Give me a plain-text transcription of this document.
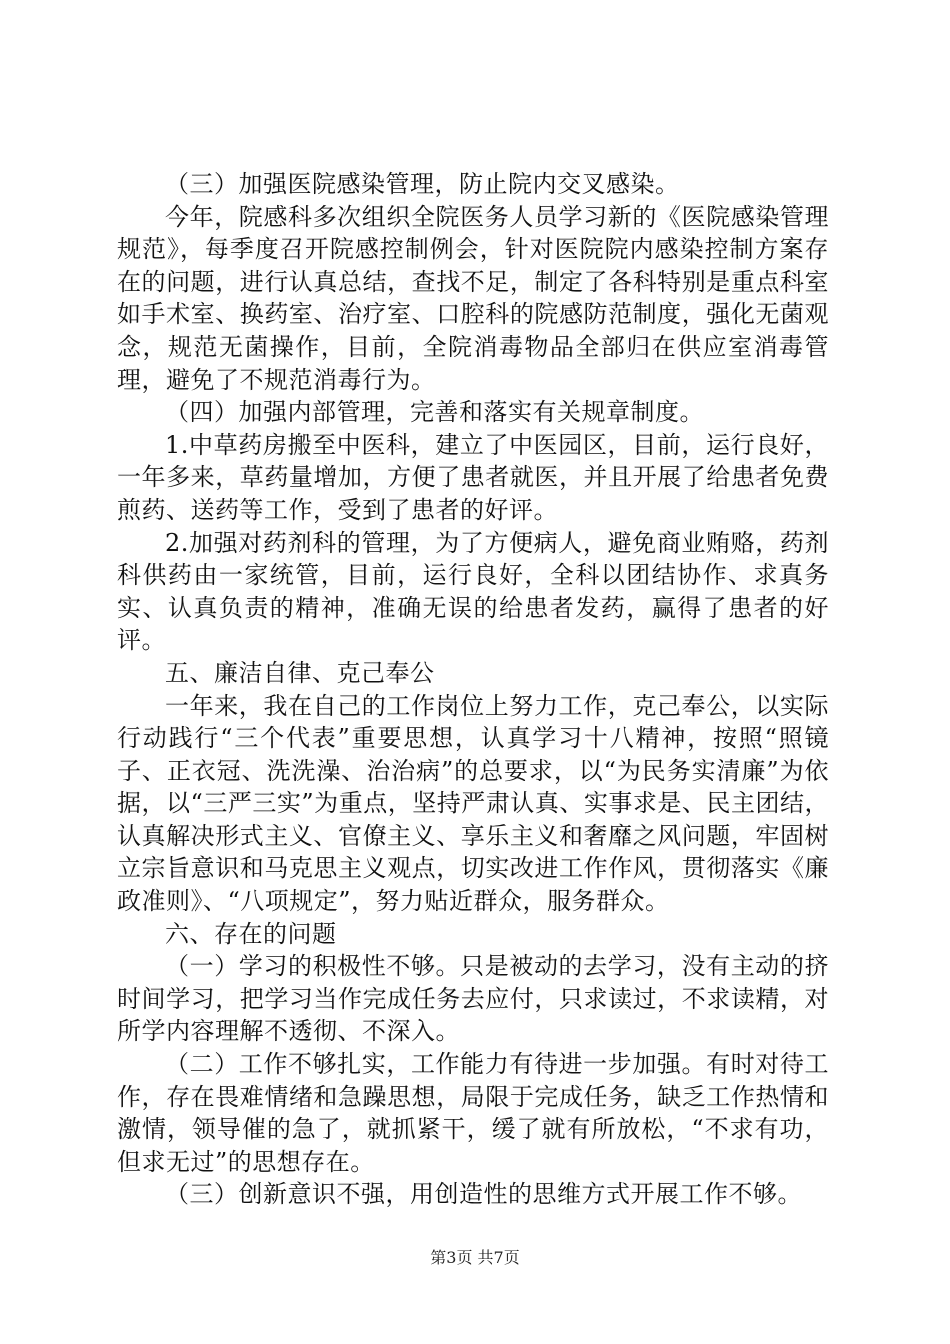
（三）加强医院感染管理，防止院内交叉感染。

今年，院感科多次组织全院医务人员学习新的《医院感染管理规范》，每季度召开院感控制例会，针对医院院内感染控制方案存在的问题，进行认真总结，查找不足，制定了各科特别是重点科室如手术室、换药室、治疗室、口腔科的院感防范制度，强化无菌观念，规范无菌操作，目前，全院消毒物品全部归在供应室消毒管理，避免了不规范消毒行为。

（四）加强内部管理，完善和落实有关规章制度。

1.中草药房搬至中医科，建立了中医园区，目前，运行良好，一年多来，草药量增加，方便了患者就医，并且开展了给患者免费煎药、送药等工作，受到了患者的好评。

2.加强对药剂科的管理，为了方便病人，避免商业贿赂，药剂科供药由一家统管，目前，运行良好，全科以团结协作、求真务实、认真负责的精神，准确无误的给患者发药，赢得了患者的好评。

五、廉洁自律、克己奉公

一年来，我在自己的工作岗位上努力工作，克己奉公，以实际行动践行“三个代表”重要思想，认真学习十八精神，按照“照镜子、正衣冠、洗洗澡、治治病”的总要求，以“为民务实清廉”为依据，以“三严三实”为重点，坚持严肃认真、实事求是、民主团结，认真解决形式主义、官僚主义、享乐主义和奢靡之风问题，牢固树立宗旨意识和马克思主义观点，切实改进工作作风，贯彻落实《廉政准则》、“八项规定”，努力贴近群众，服务群众。

六、存在的问题

（一）学习的积极性不够。只是被动的去学习，没有主动的挤时间学习，把学习当作完成任务去应付，只求读过，不求读精，对所学内容理解不透彻、不深入。

（二）工作不够扎实，工作能力有待进一步加强。有时对待工作，存在畏难情绪和急躁思想，局限于完成任务，缺乏工作热情和激情，领导催的急了，就抓紧干，缓了就有所放松，“不求有功，但求无过”的思想存在。

（三）创新意识不强，用创造性的思维方式开展工作不够。

第3页 共7页
